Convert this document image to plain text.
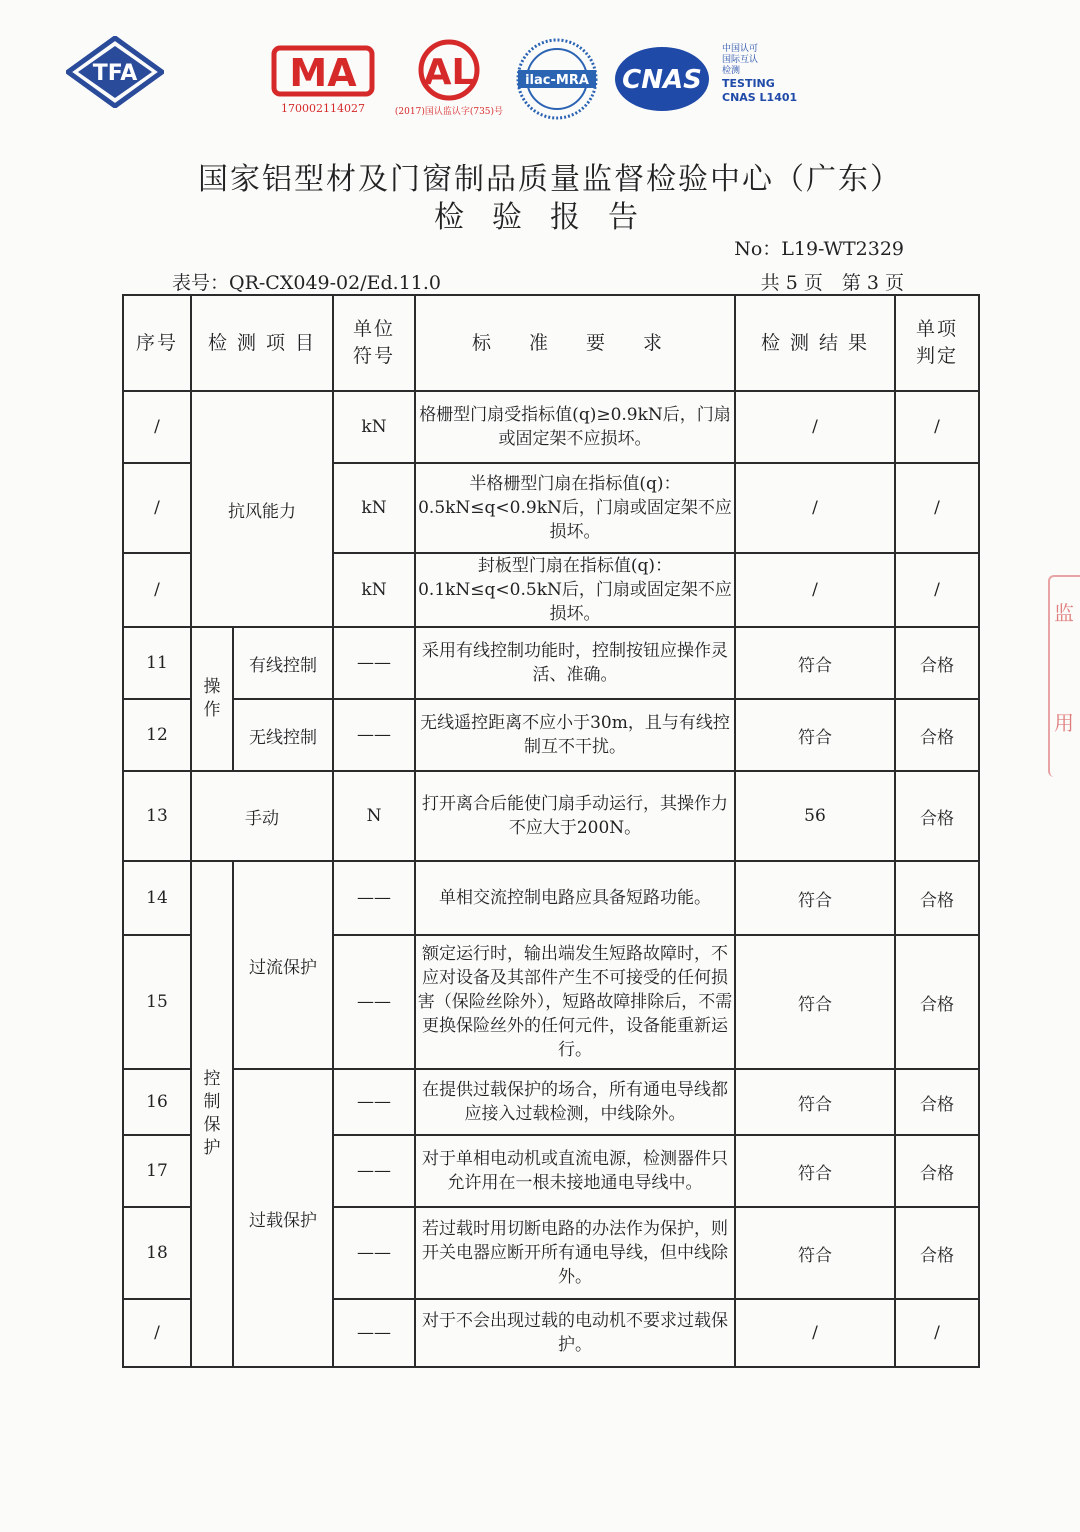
TFA	MA
170002114027
AL
(2017)国认监认字(735)号
ilac-MRA CNAS
中国认可
国际互认
检测
TESTING
CNAS L1401
国家铝型材及门窗制品质量监督检验中心（广东）
检验报告
No：L19-WT2329
表号：QR-CX049-02/Ed.11.0	共 5 页　第 3 页
序号	检 测 项 目		单位符号	标 准 要 求	检 测 结 果	单项判定

/	抗风能力		kN	格栅型门扇受指标值(q)≥0.9kN后，门扇或固定架不应损坏。	/	/
/			kN	半格栅型门扇在指标值(q)：0.5kN≤q<0.9kN后，门扇或固定架不应损坏。	/	/
/			kN	封板型门扇在指标值(q)：0.1kN≤q<0.5kN后，门扇或固定架不应损坏。	/	/
11	操作	有线控制	——	采用有线控制功能时，控制按钮应操作灵活、准确。	符合	合格
12		无线控制	——	无线遥控距离不应小于30m，且与有线控制互不干扰。	符合	合格
13	手动		N	打开离合后能使门扇手动运行，其操作力不应大于200N。	56	合格
14	控制保护	过流保护	——	单相交流控制电路应具备短路功能。	符合	合格
15			——	额定运行时，输出端发生短路故障时，不应对设备及其部件产生不可接受的任何损害（保险丝除外），短路故障排除后，不需更换保险丝外的任何元件，设备能重新运行。	符合	合格
16		过载保护	——	在提供过载保护的场合，所有通电导线都应接入过载检测，中线除外。	符合	合格
17			——	对于单相电动机或直流电源，检测器件只允许用在一根未接地通电导线中。	符合	合格
18			——	若过载时用切断电路的办法作为保护，则开关电器应断开所有通电导线，但中线除外。	符合	合格
/			——	对于不会出现过载的电动机不要求过载保护。	/	/
监
用
